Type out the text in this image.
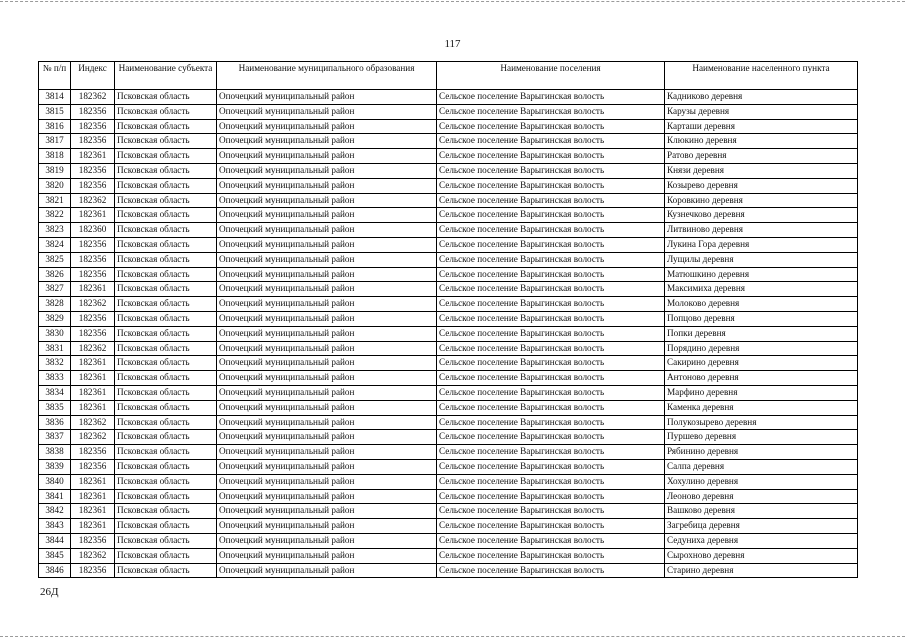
117
№ п/п	Индекс	Наименование субъекта	Наименование муниципального образования	Наименование поселения	Наименование населенного пункта
3814	182362	Псковская область	Опочецкий муниципальный район	Сельское поселение Варыгинская волость	Кадниково деревня
3815	182356	Псковская область	Опочецкий муниципальный район	Сельское поселение Варыгинская волость	Карузы деревня
3816	182356	Псковская область	Опочецкий муниципальный район	Сельское поселение Варыгинская волость	Карташи деревня
3817	182356	Псковская область	Опочецкий муниципальный район	Сельское поселение Варыгинская волость	Клюкино деревня
3818	182361	Псковская область	Опочецкий муниципальный район	Сельское поселение Варыгинская волость	Ратово деревня
3819	182356	Псковская область	Опочецкий муниципальный район	Сельское поселение Варыгинская волость	Князи деревня
3820	182356	Псковская область	Опочецкий муниципальный район	Сельское поселение Варыгинская волость	Козырево деревня
3821	182362	Псковская область	Опочецкий муниципальный район	Сельское поселение Варыгинская волость	Коровкино деревня
3822	182361	Псковская область	Опочецкий муниципальный район	Сельское поселение Варыгинская волость	Кузнечково деревня
3823	182360	Псковская область	Опочецкий муниципальный район	Сельское поселение Варыгинская волость	Литвиново деревня
3824	182356	Псковская область	Опочецкий муниципальный район	Сельское поселение Варыгинская волость	Лукина Гора деревня
3825	182356	Псковская область	Опочецкий муниципальный район	Сельское поселение Варыгинская волость	Лущилы деревня
3826	182356	Псковская область	Опочецкий муниципальный район	Сельское поселение Варыгинская волость	Матюшкино деревня
3827	182361	Псковская область	Опочецкий муниципальный район	Сельское поселение Варыгинская волость	Максимиха деревня
3828	182362	Псковская область	Опочецкий муниципальный район	Сельское поселение Варыгинская волость	Молоково деревня
3829	182356	Псковская область	Опочецкий муниципальный район	Сельское поселение Варыгинская волость	Попцово деревня
3830	182356	Псковская область	Опочецкий муниципальный район	Сельское поселение Варыгинская волость	Попки деревня
3831	182362	Псковская область	Опочецкий муниципальный район	Сельское поселение Варыгинская волость	Порядино деревня
3832	182361	Псковская область	Опочецкий муниципальный район	Сельское поселение Варыгинская волость	Сакирино деревня
3833	182361	Псковская область	Опочецкий муниципальный район	Сельское поселение Варыгинская волость	Антоново деревня
3834	182361	Псковская область	Опочецкий муниципальный район	Сельское поселение Варыгинская волость	Марфино деревня
3835	182361	Псковская область	Опочецкий муниципальный район	Сельское поселение Варыгинская волость	Каменка деревня
3836	182362	Псковская область	Опочецкий муниципальный район	Сельское поселение Варыгинская волость	Полукозырево деревня
3837	182362	Псковская область	Опочецкий муниципальный район	Сельское поселение Варыгинская волость	Пуршево деревня
3838	182356	Псковская область	Опочецкий муниципальный район	Сельское поселение Варыгинская волость	Рябинино деревня
3839	182356	Псковская область	Опочецкий муниципальный район	Сельское поселение Варыгинская волость	Салпа деревня
3840	182361	Псковская область	Опочецкий муниципальный район	Сельское поселение Варыгинская волость	Хохулино деревня
3841	182361	Псковская область	Опочецкий муниципальный район	Сельское поселение Варыгинская волость	Леоново деревня
3842	182361	Псковская область	Опочецкий муниципальный район	Сельское поселение Варыгинская волость	Вашково деревня
3843	182361	Псковская область	Опочецкий муниципальный район	Сельское поселение Варыгинская волость	Загребица деревня
3844	182356	Псковская область	Опочецкий муниципальный район	Сельское поселение Варыгинская волость	Седуниха деревня
3845	182362	Псковская область	Опочецкий муниципальный район	Сельское поселение Варыгинская волость	Сырохново деревня
3846	182356	Псковская область	Опочецкий муниципальный район	Сельское поселение Варыгинская волость	Старино деревня
26Д
